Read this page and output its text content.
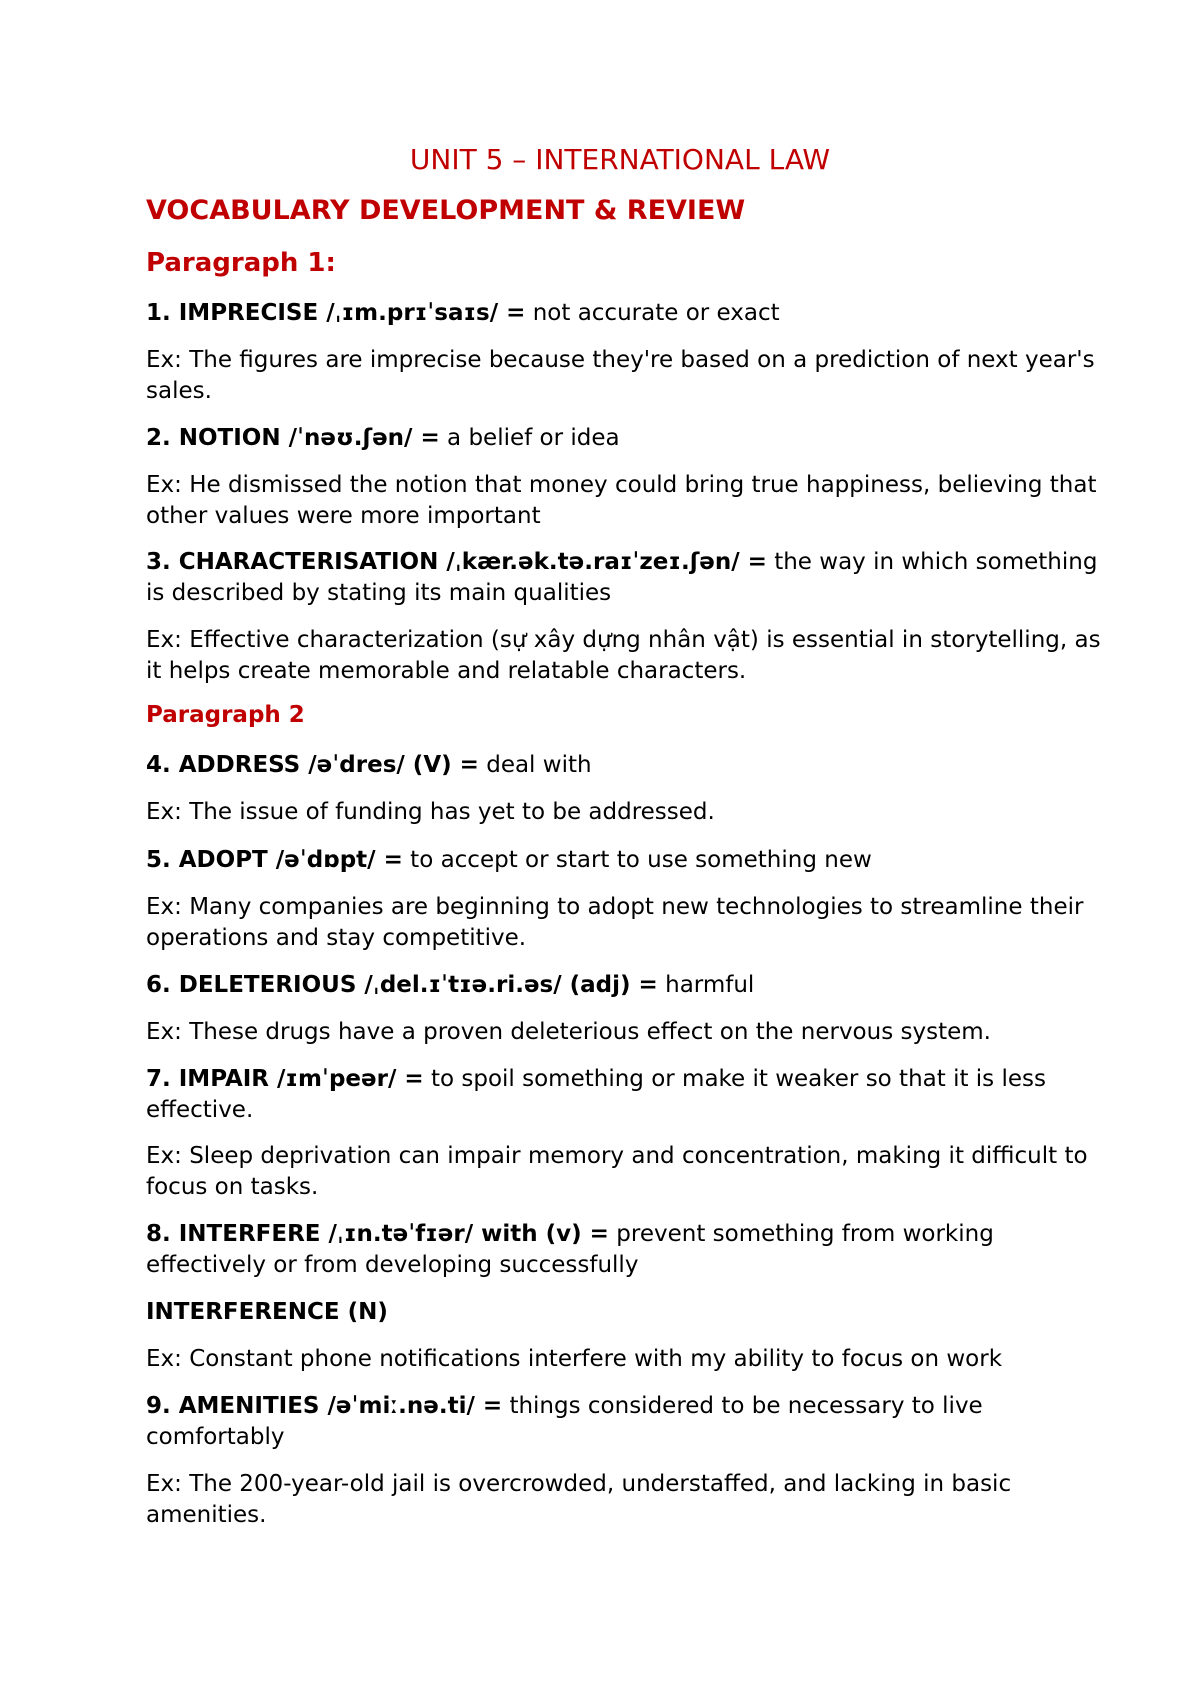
UNIT 5 – INTERNATIONAL LAW
VOCABULARY DEVELOPMENT & REVIEW
Paragraph 1:

1. IMPRECISE /ˌɪm.prɪˈsaɪs/ = not accurate or exact

Ex: The figures are imprecise because they're based on a prediction of next year's sales.

2. NOTION /ˈnəʊ.ʃən/ = a belief or idea

Ex: He dismissed the notion that money could bring true happiness, believing that other values were more important

3. CHARACTERISATION /ˌkær.ək.tə.raɪˈzeɪ.ʃən/ = the way in which something is described by stating its main qualities

Ex: Effective characterization (sự xây dựng nhân vật) is essential in storytelling, as it helps create memorable and relatable characters.

Paragraph 2

4. ADDRESS /əˈdres/ (V) = deal with

Ex: The issue of funding has yet to be addressed.

5. ADOPT /əˈdɒpt/ = to accept or start to use something new

Ex: Many companies are beginning to adopt new technologies to streamline their operations and stay competitive.

6. DELETERIOUS /ˌdel.ɪˈtɪə.ri.əs/ (adj) = harmful

Ex: These drugs have a proven deleterious effect on the nervous system.

7. IMPAIR /ɪmˈpeər/ = to spoil something or make it weaker so that it is less effective.

Ex: Sleep deprivation can impair memory and concentration, making it difficult to focus on tasks.

8. INTERFERE /ˌɪn.təˈfɪər/ with (v) = prevent something from working effectively or from developing successfully

INTERFERENCE (N)

Ex: Constant phone notifications interfere with my ability to focus on work

9. AMENITIES /əˈmiː.nə.ti/ = things considered to be necessary to live comfortably

Ex: The 200-year-old jail is overcrowded, understaffed, and lacking in basic amenities.
